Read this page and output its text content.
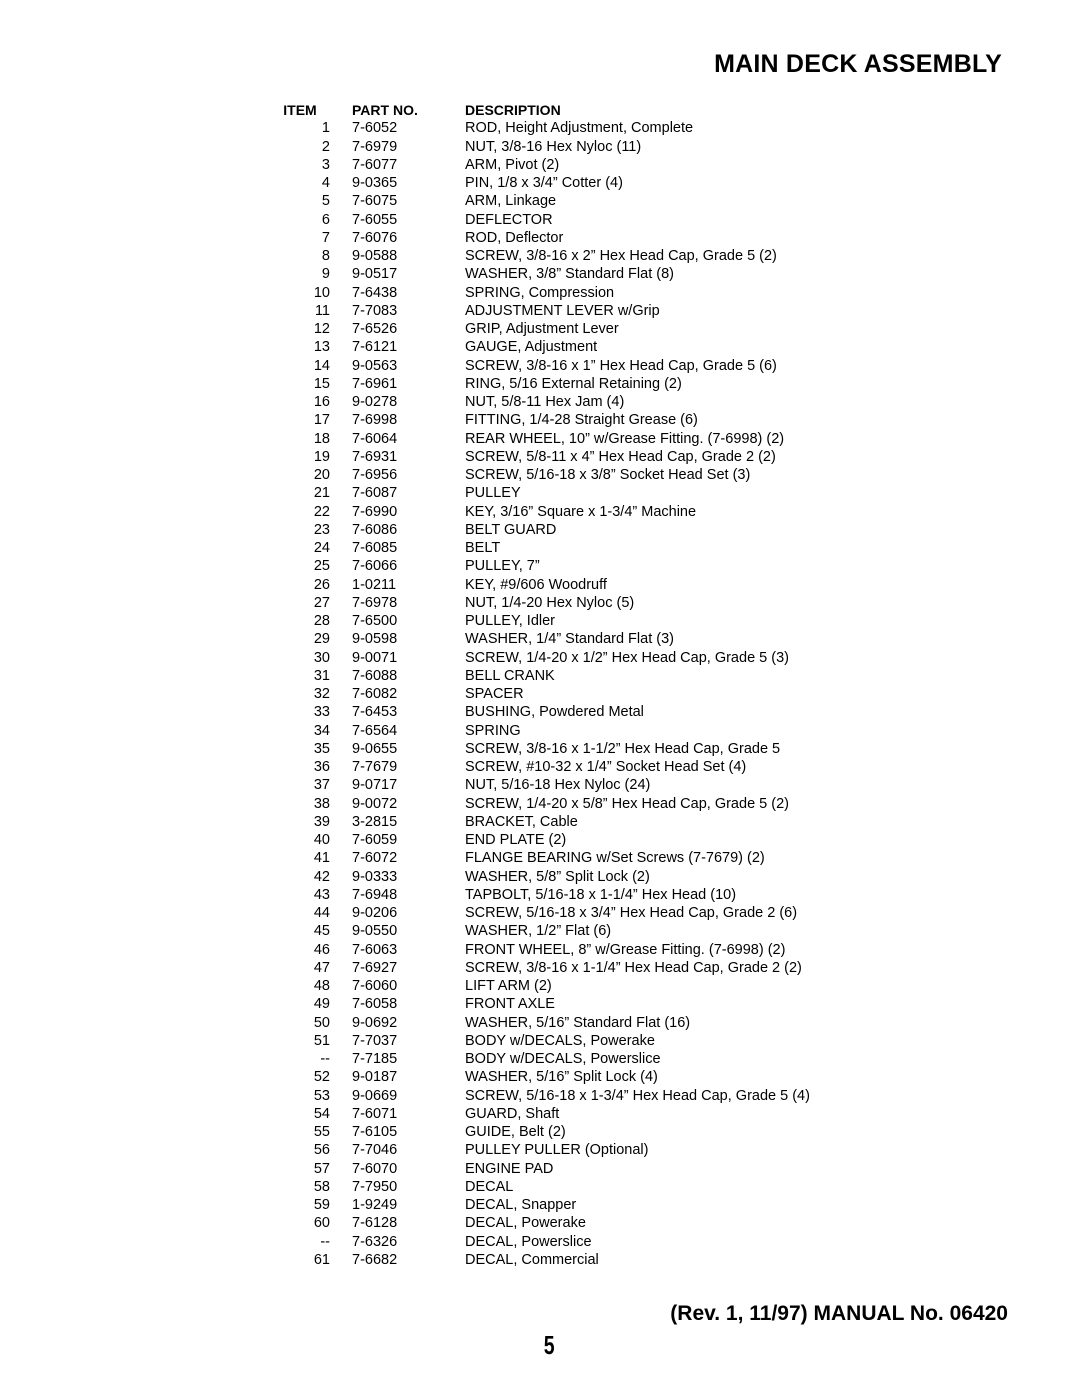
MAIN DECK ASSEMBLY
ITEM	PART NO.	DESCRIPTION
1	7-6052	ROD, Height Adjustment, Complete
2	7-6979	NUT, 3/8-16 Hex Nyloc (11)
3	7-6077	ARM, Pivot (2)
4	9-0365	PIN, 1/8 x 3/4” Cotter (4)
5	7-6075	ARM, Linkage
6	7-6055	DEFLECTOR
7	7-6076	ROD, Deflector
8	9-0588	SCREW, 3/8-16 x 2” Hex Head Cap, Grade 5 (2)
9	9-0517	WASHER, 3/8” Standard Flat (8)
10	7-6438	SPRING, Compression
11	7-7083	ADJUSTMENT LEVER w/Grip
12	7-6526	GRIP, Adjustment Lever
13	7-6121	GAUGE, Adjustment
14	9-0563	SCREW, 3/8-16 x 1” Hex Head Cap, Grade 5 (6)
15	7-6961	RING, 5/16 External Retaining (2)
16	9-0278	NUT, 5/8-11 Hex Jam (4)
17	7-6998	FITTING, 1/4-28 Straight Grease (6)
18	7-6064	REAR WHEEL, 10” w/Grease Fitting. (7-6998) (2)
19	7-6931	SCREW, 5/8-11 x 4” Hex Head Cap, Grade 2 (2)
20	7-6956	SCREW, 5/16-18 x 3/8” Socket Head Set (3)
21	7-6087	PULLEY
22	7-6990	KEY, 3/16” Square x 1-3/4” Machine
23	7-6086	BELT GUARD
24	7-6085	BELT
25	7-6066	PULLEY, 7”
26	1-0211	KEY, #9/606 Woodruff
27	7-6978	NUT, 1/4-20 Hex Nyloc (5)
28	7-6500	PULLEY, Idler
29	9-0598	WASHER, 1/4” Standard Flat (3)
30	9-0071	SCREW, 1/4-20 x 1/2” Hex Head Cap, Grade 5 (3)
31	7-6088	BELL CRANK
32	7-6082	SPACER
33	7-6453	BUSHING, Powdered Metal
34	7-6564	SPRING
35	9-0655	SCREW, 3/8-16 x 1-1/2” Hex Head Cap, Grade 5
36	7-7679	SCREW, #10-32 x 1/4” Socket Head Set (4)
37	9-0717	NUT, 5/16-18 Hex Nyloc (24)
38	9-0072	SCREW, 1/4-20 x 5/8” Hex Head Cap, Grade 5 (2)
39	3-2815	BRACKET, Cable
40	7-6059	END PLATE (2)
41	7-6072	FLANGE BEARING w/Set Screws (7-7679) (2)
42	9-0333	WASHER, 5/8” Split Lock (2)
43	7-6948	TAPBOLT, 5/16-18 x 1-1/4” Hex Head (10)
44	9-0206	SCREW, 5/16-18 x 3/4” Hex Head Cap, Grade 2 (6)
45	9-0550	WASHER, 1/2” Flat (6)
46	7-6063	FRONT WHEEL, 8” w/Grease Fitting. (7-6998) (2)
47	7-6927	SCREW, 3/8-16 x 1-1/4” Hex Head Cap, Grade 2 (2)
48	7-6060	LIFT ARM (2)
49	7-6058	FRONT AXLE
50	9-0692	WASHER, 5/16” Standard Flat (16)
51	7-7037	BODY w/DECALS, Powerake
--	7-7185	BODY w/DECALS, Powerslice
52	9-0187	WASHER, 5/16” Split Lock (4)
53	9-0669	SCREW, 5/16-18 x 1-3/4” Hex Head Cap, Grade 5 (4)
54	7-6071	GUARD, Shaft
55	7-6105	GUIDE, Belt (2)
56	7-7046	PULLEY PULLER (Optional)
57	7-6070	ENGINE PAD
58	7-7950	DECAL
59	1-9249	DECAL, Snapper
60	7-6128	DECAL, Powerake
--	7-6326	DECAL, Powerslice
61	7-6682	DECAL, Commercial
(Rev. 1, 11/97) MANUAL No. 06420
5
